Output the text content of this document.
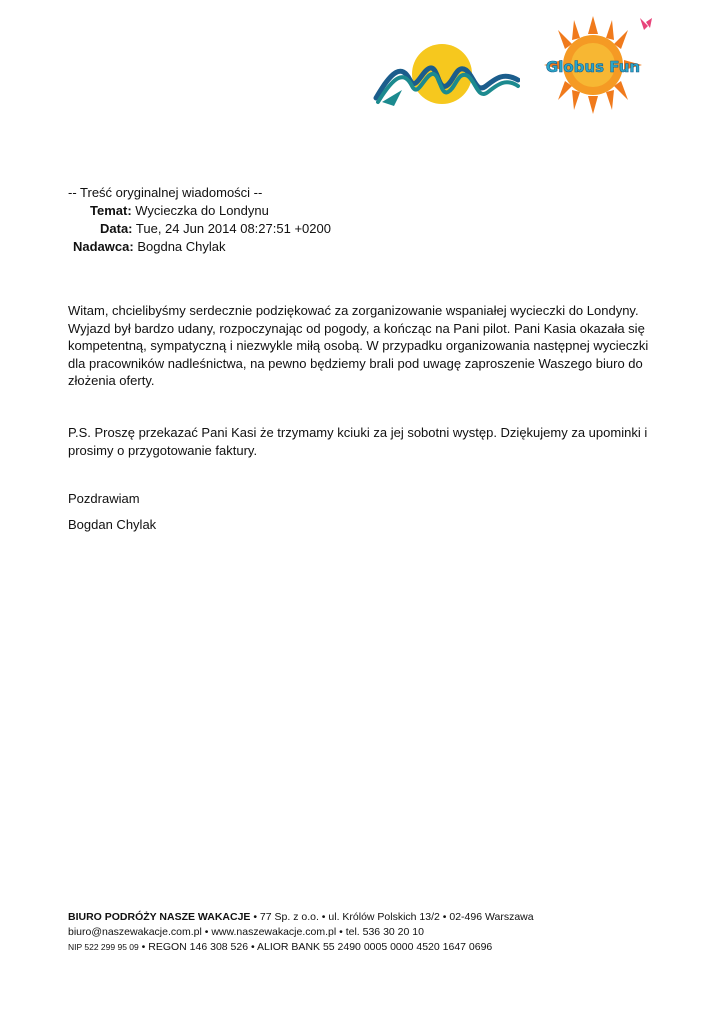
Globus Fun
-- Treść oryginalnej wiadomości --
Temat: Wycieczka do Londynu
Data: Tue, 24 Jun 2014 08:27:51 +0200
Nadawca: Bogdna Chylak

Witam, chcielibyśmy serdecznie podziękować za zorganizowanie wspaniałej wycieczki do Londyny. Wyjazd był bardzo udany, rozpoczynając od pogody, a kończąc na Pani pilot. Pani Kasia okazała się kompetentną, sympatyczną i niezwykle miłą osobą. W przypadku organizowania następnej wycieczki dla pracowników nadleśnictwa, na pewno będziemy brali pod uwagę zaproszenie Waszego biuro do złożenia oferty.

P.S. Proszę przekazać Pani Kasi że trzymamy kciuki za jej sobotni występ. Dziękujemy za upominki i prosimy o przygotowanie faktury.

Pozdrawiam
Bogdan Chylak
BIURO PODRÓŻY NASZE WAKACJE • 77 Sp. z o.o. • ul. Królów Polskich 13/2 • 02-496 Warszawa
biuro@naszewakacje.com.pl • www.naszewakacje.com.pl • tel. 536 30 20 10
NIP 522 299 95 09 • REGON 146 308 526 • ALIOR BANK 55 2490 0005 0000 4520 1647 0696
